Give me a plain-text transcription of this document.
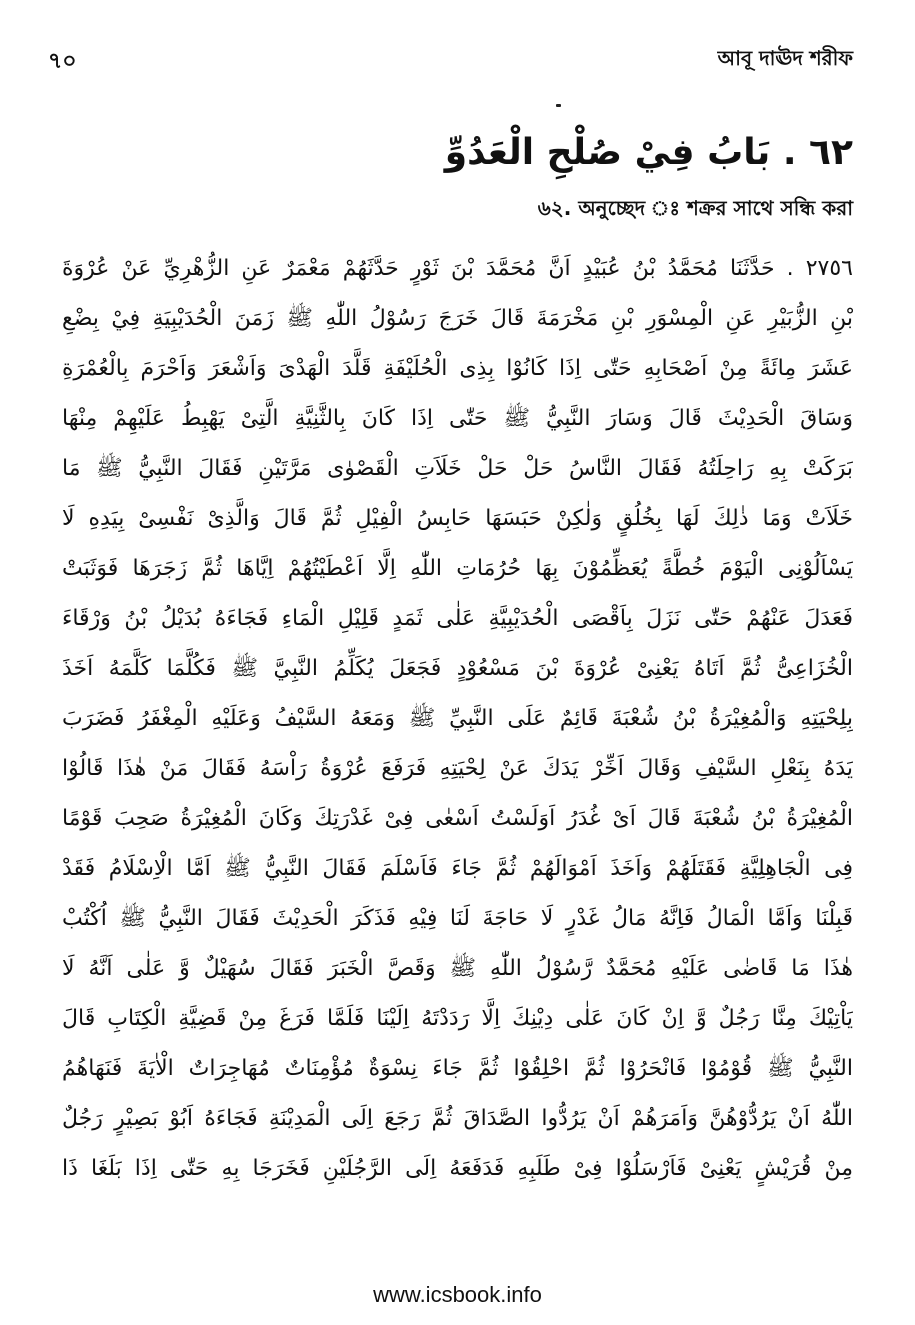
৭০	আবূ দাঊদ শরীফ
٦٢ . بَابُ فِيْ صُلْحِ الْعَدُوِّ
৬২. অনুচ্ছেদ ঃ শক্রর সাথে সন্ধি করা
٢٧٥٦ . حَدَّثَنَا مُحَمَّدُ بْنُ عُبَيْدٍ اَنَّ مُحَمَّدَ بْنَ ثَوْرٍ حَدَّثَهُمْ مَعْمَرٌ عَنِ الزُّهْرِيِّ عَنْ عُرْوَةَ
بْنِ الزُّبَيْرِ عَنِ الْمِسْوَرِ بْنِ مَخْرَمَةَ قَالَ خَرَجَ رَسُوْلُ اللّٰهِ ﷺ زَمَنَ الْحُدَيْبِيَةِ فِيْ بِضْعِ
عَشَرَ مِائَةً مِنْ اَصْحَابِهِ حَتّٰى اِذَا كَانُوْا بِذِى الْحُلَيْفَةِ قَلَّدَ الْهَدْىَ وَاَشْعَرَ وَاَحْرَمَ بِالْعُمْرَةِ
وَسَاقَ الْحَدِيْثَ قَالَ وَسَارَ النَّبِيُّ ﷺ حَتّٰى اِذَا كَانَ بِالثَّنِيَّةِ الَّتِىْ يَهْبِطُ عَلَيْهِمْ مِنْهَا
بَرَكَتْ بِهِ رَاحِلَتُهُ فَقَالَ النَّاسُ حَلْ حَلْ خَلَاَتِ الْقَصْوٰى مَرَّتَيْنِ فَقَالَ النَّبِيُّ ﷺ مَا
خَلَاَتْ وَمَا ذٰلِكَ لَهَا بِخُلُقٍ وَلٰكِنْ حَبَسَهَا حَابِسُ الْفِيْلِ ثُمَّ قَالَ وَالَّذِىْ نَفْسِىْ بِيَدِهِ لَا
يَسْاَلُوْنِى الْيَوْمَ خُطَّةً يُعَظِّمُوْنَ بِهَا حُرُمَاتِ اللّٰهِ اِلَّا اَعْطَيْتُهُمْ اِيَّاهَا ثُمَّ زَجَرَهَا فَوَثَبَتْ
فَعَدَلَ عَنْهُمْ حَتّٰى نَزَلَ بِاَقْصَى الْحُدَيْبِيَّةِ عَلٰى ثَمَدٍ قَلِيْلِ الْمَاءِ فَجَاءَهُ بُدَيْلُ بْنُ وَرْقَاءَ
الْخُزَاعِىُّ ثُمَّ اَتَاهُ يَعْنِىْ عُرْوَةَ بْنَ مَسْعُوْدٍ فَجَعَلَ يُكَلِّمُ النَّبِيَّ ﷺ فَكُلَّمَا كَلَّمَهُ اَخَذَ
بِلِحْيَتِهِ وَالْمُغِيْرَةُ بْنُ شُعْبَةَ قَائِمٌ عَلَى النَّبِيِّ ﷺ وَمَعَهُ السَّيْفُ وَعَلَيْهِ الْمِغْفَرُ فَضَرَبَ
يَدَهُ بِنَعْلِ السَّيْفِ وَقَالَ اَخِّرْ يَدَكَ عَنْ لِحْيَتِهِ فَرَفَعَ عُرْوَةُ رَاْسَهُ فَقَالَ مَنْ هٰذَا قَالُوْا
الْمُغِيْرَةُ بْنُ شُعْبَةَ قَالَ اَىْ غُدَرُ اَوَلَسْتُ اَسْعٰى فِىْ غَدْرَتِكَ وَكَانَ الْمُغِيْرَةُ صَحِبَ قَوْمًا
فِى الْجَاهِلِيَّةِ فَقَتَلَهُمْ وَاَخَذَ اَمْوَالَهُمْ ثُمَّ جَاءَ فَاَسْلَمَ فَقَالَ النَّبِيُّ ﷺ اَمَّا الْاِسْلَامُ فَقَدْ
قَبِلْنَا وَاَمَّا الْمَالُ فَاِنَّهُ مَالُ غَدْرٍ لَا حَاجَةَ لَنَا فِيْهِ فَذَكَرَ الْحَدِيْثَ فَقَالَ النَّبِيُّ ﷺ اُكْتُبْ
هٰذَا مَا قَاضٰى عَلَيْهِ مُحَمَّدٌ رَّسُوْلُ اللّٰهِ ﷺ وَقَصَّ الْخَبَرَ فَقَالَ سُهَيْلٌ وَّ عَلٰى اَنَّهُ لَا
يَاْتِيْكَ مِنَّا رَجُلٌ وَّ اِنْ كَانَ عَلٰى دِيْنِكَ اِلَّا رَدَدْتَهُ اِلَيْنَا فَلَمَّا فَرَغَ مِنْ قَضِيَّةِ الْكِتَابِ قَالَ
النَّبِيُّ ﷺ قُوْمُوْا فَانْحَرُوْا ثُمَّ احْلِقُوْا ثُمَّ جَاءَ نِسْوَةٌ مُؤْمِنَاتٌ مُهَاجِرَاتٌ الْاٰيَةَ فَنَهَاهُمُ
اللّٰهُ اَنْ يَرُدُّوْهُنَّ وَاَمَرَهُمْ اَنْ يَرُدُّوا الصَّدَاقَ ثُمَّ رَجَعَ اِلَى الْمَدِيْنَةِ فَجَاءَهُ اَبُوْ بَصِيْرٍ رَجُلٌ
مِنْ قُرَيْشٍ يَعْنِىْ فَاَرْسَلُوْا فِىْ طَلَبِهِ فَدَفَعَهُ اِلَى الرَّجُلَيْنِ فَخَرَجَا بِهِ حَتّٰى اِذَا بَلَغَا ذَا
www.icsbook.info
